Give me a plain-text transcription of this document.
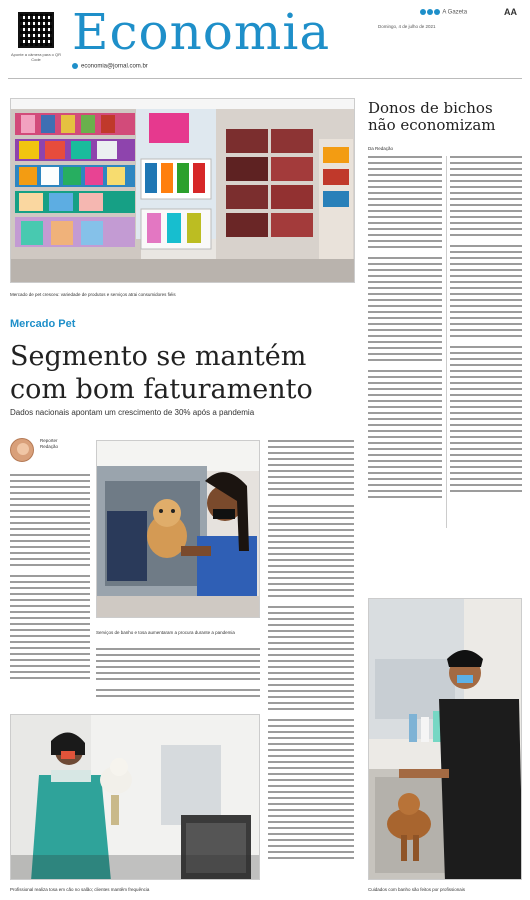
Aponte a câmera para o QR Code Economia
economia@jornal.com.br
A Gazeta	AA
Domingo, 4 de julho de 2021
Mercado de pet cresceu: variedade de produtos e serviços atrai consumidores fiéis
Donos de bichos não economizam
Da Redação
Mercado Pet
Segmento se mantém com bom faturamento
Dados nacionais apontam um crescimento de 30% após a pandemia
Reporter
Redação
Serviços de banho e tosa aumentaram a procura durante a pandemia
Profissional realiza tosa em cão no salão; clientes mantêm frequência	Cuidados com banho são feitos por profissionais
